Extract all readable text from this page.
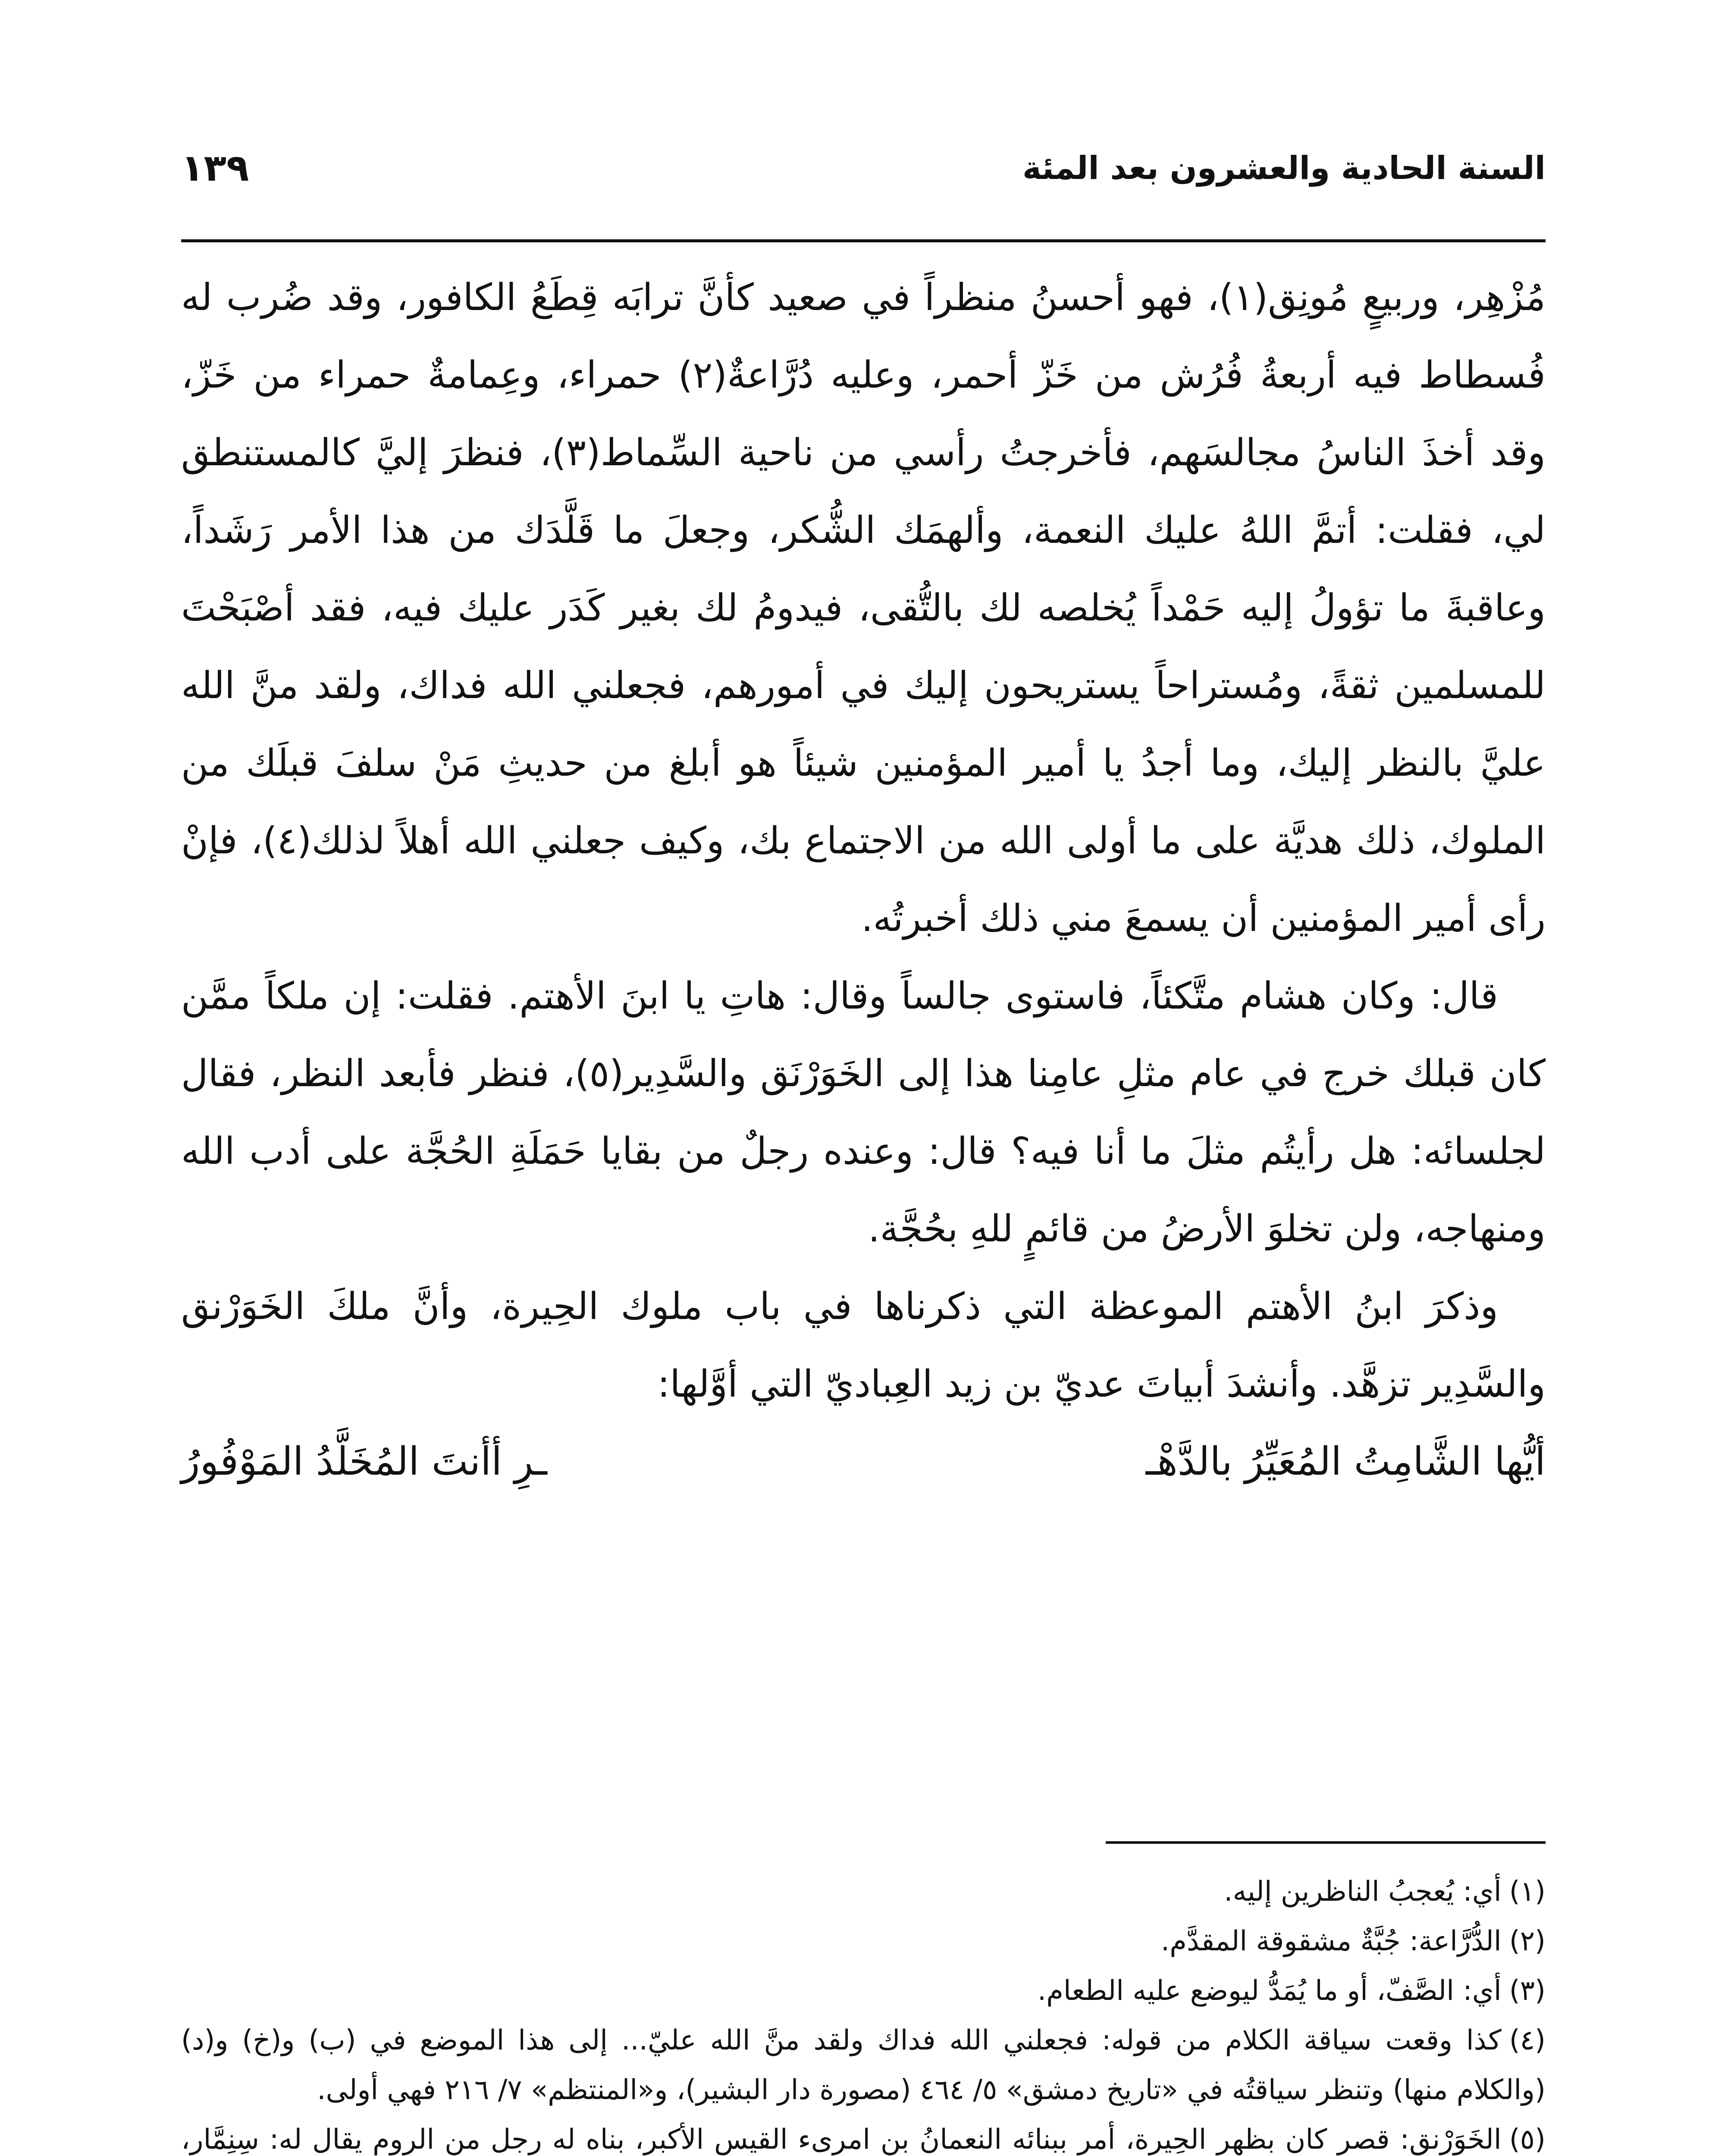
السنة الحادية والعشرون بعد المئة
١٣٩

مُزْهِر، وربيعٍ مُونِق(١)، فهو أحسنُ منظراً في صعيد كأنَّ ترابَه قِطَعُ الكافور، وقد ضُرب له فُسطاط فيه أربعةُ فُرُش من خَزّ أحمر، وعليه دُرَّاعةٌ(٢) حمراء، وعِمامةٌ حمراء من خَزّ، وقد أخذَ الناسُ مجالسَهم، فأخرجتُ رأسي من ناحية السِّماط(٣)، فنظرَ إليَّ كالمستنطق لي، فقلت: أتمَّ اللهُ عليك النعمة، وألهمَك الشُّكر، وجعلَ ما قَلَّدَك من هذا الأمر رَشَداً، وعاقبةَ ما تؤولُ إليه حَمْداً يُخلصه لك بالتُّقى، فيدومُ لك بغير كَدَر عليك فيه، فقد أصْبَحْتَ للمسلمين ثقةً، ومُستراحاً يستريحون إليك في أمورهم، فجعلني الله فداك، ولقد منَّ الله عليَّ بالنظر إليك، وما أجدُ يا أمير المؤمنين شيئاً هو أبلغ من حديثِ مَنْ سلفَ قبلَك من الملوك، ذلك هديَّة على ما أولى الله من الاجتماع بك، وكيف جعلني الله أهلاً لذلك(٤)، فإنْ رأى أمير المؤمنين أن يسمعَ مني ذلك أخبرتُه.

قال: وكان هشام متَّكئاً، فاستوى جالساً وقال: هاتِ يا ابنَ الأهتم. فقلت: إن ملكاً ممَّن كان قبلك خرج في عام مثلِ عامِنا هذا إلى الخَوَرْنَق والسَّدِير(٥)، فنظر فأبعد النظر، فقال لجلسائه: هل رأيتُم مثلَ ما أنا فيه؟ قال: وعنده رجلٌ من بقايا حَمَلَةِ الحُجَّة على أدب الله ومنهاجه، ولن تخلوَ الأرضُ من قائمٍ للهِ بحُجَّة.

وذكرَ ابنُ الأهتم الموعظة التي ذكرناها في باب ملوك الحِيرة، وأنَّ ملكَ الخَوَرْنق والسَّدِير تزهَّد. وأنشدَ أبياتَ عديّ بن زيد العِباديّ التي أوَّلها:

أيُّها الشَّامِتُ المُعَيِّرُ بالدَّهْـ
ـرِ أأنتَ المُخَلَّدُ المَوْفُورُ

(١)أي: يُعجبُ الناظرين إليه.

(٢)الدُّرَّاعة: جُبَّةٌ مشقوقة المقدَّم.

(٣)أي: الصَّفّ، أو ما يُمَدُّ ليوضع عليه الطعام.

(٤)كذا وقعت سياقة الكلام من قوله: فجعلني الله فداك ولقد منَّ الله عليّ... إلى هذا الموضع في (ب) و(خ) و(د) (والكلام منها) وتنظر سياقتُه في «تاريخ دمشق» ٥/ ٤٦٤ (مصورة دار البشير)، و«المنتظم» ٧/ ٢١٦ فهي أولى.

(٥)الخَوَرْنق: قصر كان بظهر الحِيرة، أمر ببنائه النعمانُ بن امرىء القيس الأكبر، بناه له رجل من الروم يقال له: سِنِمَّار،
